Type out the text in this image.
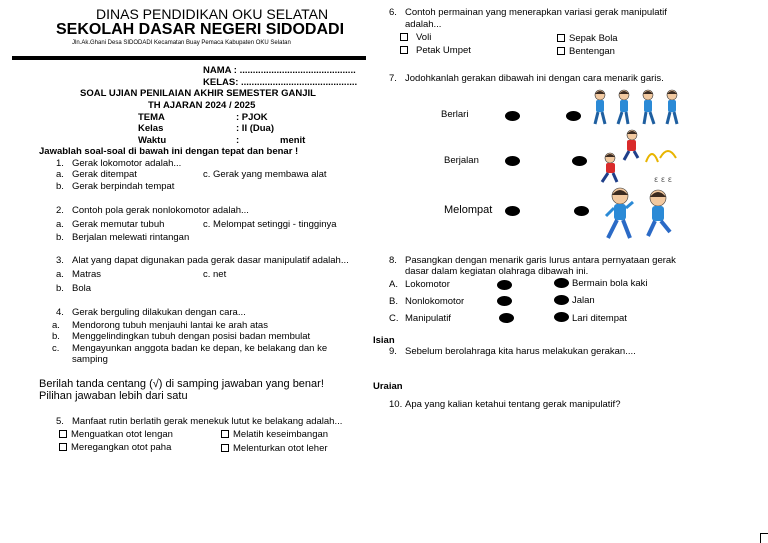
DINAS PENDIDIKAN OKU SELATAN
SEKOLAH DASAR NEGERI SIDODADI
Jln.Ak.Ghani Desa SIDODADI Kecamatan Buay Pemaca Kabupaten OKU Selatan
NAMA : ............................................
KELAS: ............................................
SOAL UJIAN PENILAIAN AKHIR SEMESTER GANJIL
TH AJARAN 2024 / 2025
TEMA	: PJOK
Kelas	: II (Dua)
Waktu	:	menit
Jawablah soal-soal di bawah ini dengan tepat dan benar !
1. Gerak lokomotor adalah...
a. Gerak ditempat	c. Gerak yang membawa alat
b. Gerak berpindah tempat
2. Contoh pola gerak nonlokomotor adalah...
a. Gerak memutar tubuh	c. Melompat setinggi - tingginya
b. Berjalan melewati rintangan
3. Alat yang dapat digunakan pada gerak dasar manipulatif adalah...
a. Matras	c. net
b. Bola
4. Gerak berguling dilakukan dengan cara...
a. Mendorong tubuh menjauhi lantai ke arah atas
b. Menggelindingkan tubuh dengan posisi badan membulat
c. Mengayunkan anggota badan ke depan, ke belakang dan ke
samping
Berilah tanda centang (√) di samping jawaban yang benar!
Pilihan jawaban lebih dari satu
5. Manfaat rutin berlatih gerak menekuk lutut ke belakang adalah...
Menguatkan otot lengan	Melatih keseimbangan
Meregangkan otot paha	Melenturkan otot leher
6. Contoh permainan yang menerapkan variasi gerak manipulatif
adalah...
Voli	Sepak Bola
Petak Umpet	Bentengan
7. Jodohkanlah gerakan dibawah ini dengan cara menarik garis.
Berlari
Berjalan
Melompat
ε ε ε
8. Pasangkan dengan menarik garis lurus antara pernyataan gerak
dasar dalam kegiatan olahraga dibawah ini.
A. Lokomotor
B. Nonlokomotor
C. Manipulatif
Bermain bola kaki
Jalan
Lari ditempat
Isian
9. Sebelum berolahraga kita harus melakukan gerakan....
Uraian
10. Apa yang kalian ketahui tentang gerak manipulatif?
